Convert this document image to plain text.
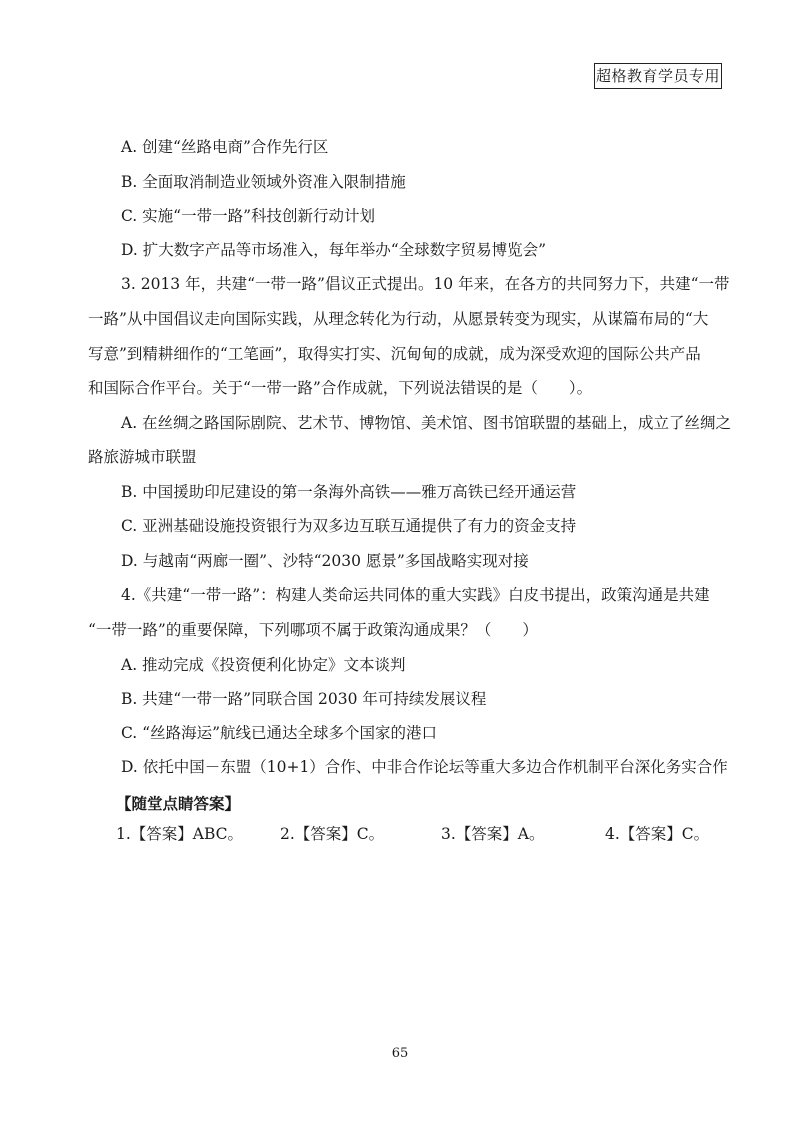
超格教育学员专用
A. 创建“丝路电商”合作先行区
B. 全面取消制造业领域外资准入限制措施
C. 实施“一带一路”科技创新行动计划
D. 扩大数字产品等市场准入，每年举办“全球数字贸易博览会”
3. 2013 年，共建“一带一路”倡议正式提出。10 年来，在各方的共同努力下，共建“一带
一路”从中国倡议走向国际实践，从理念转化为行动，从愿景转变为现实，从谋篇布局的“大
写意”到精耕细作的“工笔画”，取得实打实、沉甸甸的成就，成为深受欢迎的国际公共产品
和国际合作平台。关于“一带一路”合作成就，下列说法错误的是（　　）。
A. 在丝绸之路国际剧院、艺术节、博物馆、美术馆、图书馆联盟的基础上，成立了丝绸之
路旅游城市联盟
B. 中国援助印尼建设的第一条海外高铁——雅万高铁已经开通运营
C. 亚洲基础设施投资银行为双多边互联互通提供了有力的资金支持
D. 与越南“两廊一圈”、沙特“2030 愿景”多国战略实现对接
4.《共建“一带一路”：构建人类命运共同体的重大实践》白皮书提出，政策沟通是共建
“一带一路”的重要保障，下列哪项不属于政策沟通成果？（　　）
A. 推动完成《投资便利化协定》文本谈判
B. 共建“一带一路”同联合国 2030 年可持续发展议程
C. “丝路海运”航线已通达全球多个国家的港口
D. 依托中国－东盟（10+1）合作、中非合作论坛等重大多边合作机制平台深化务实合作
【随堂点睛答案】
1.【答案】ABC。 2.【答案】C。	3.【答案】A。	4.【答案】C。
65
